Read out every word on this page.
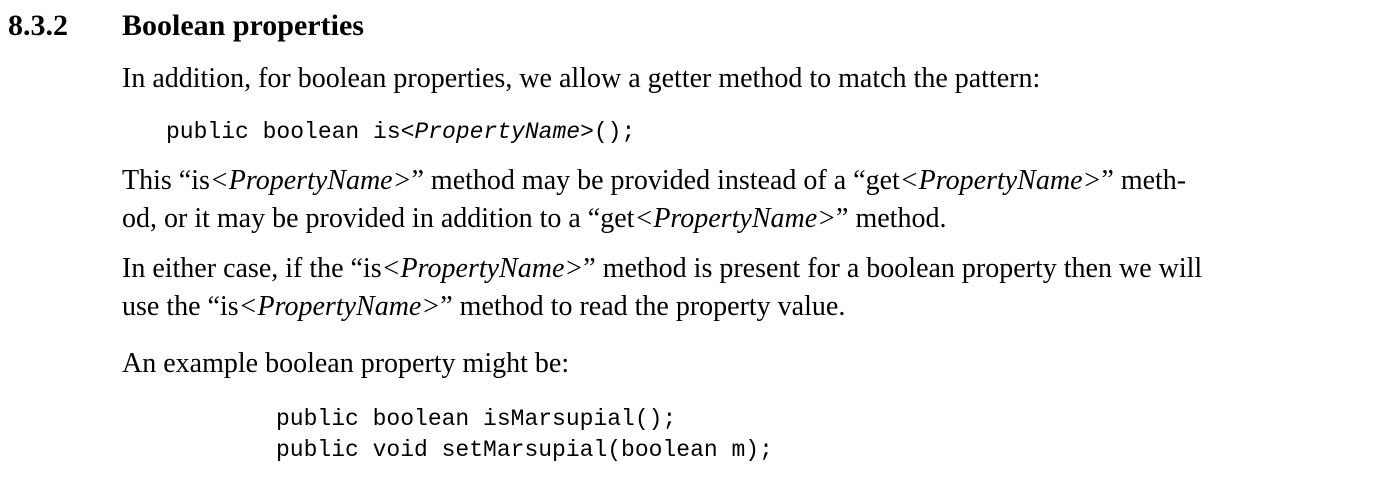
8.3.2 Boolean properties
In addition, for boolean properties, we allow a getter method to match the pattern:
public boolean is<PropertyName>();
This “is<PropertyName>” method may be provided instead of a “get<PropertyName>” meth-
od, or it may be provided in addition to a “get<PropertyName>” method.
In either case, if the “is<PropertyName>” method is present for a boolean property then we will
use the “is<PropertyName>” method to read the property value.
An example boolean property might be:
public boolean isMarsupial();
public void setMarsupial(boolean m);
